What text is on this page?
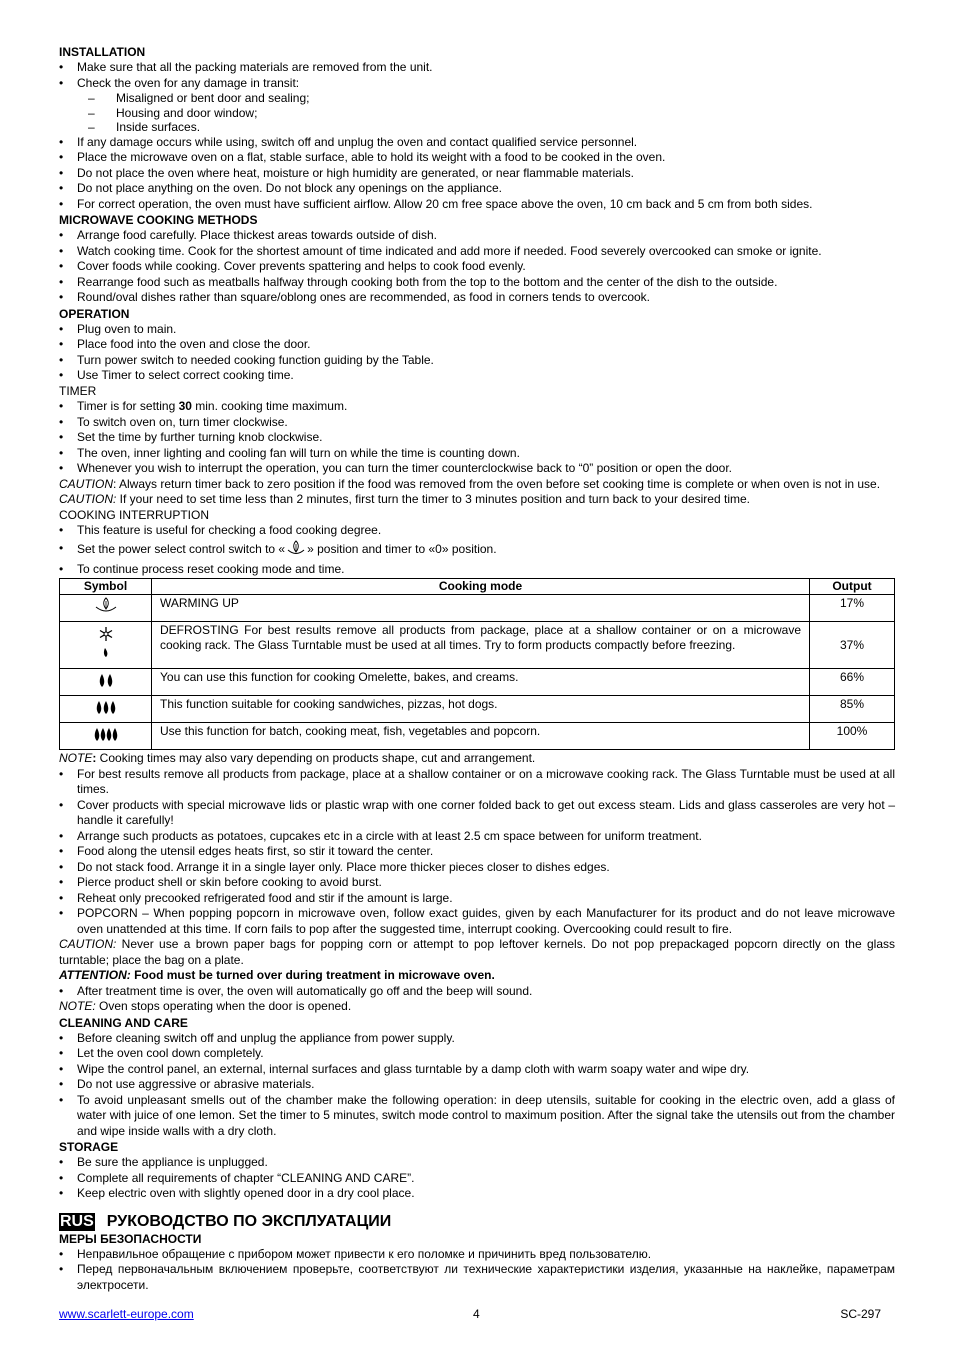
INSTALLATION
• Make sure that all the packing materials are removed from the unit.
• Check the oven for any damage in transit:
– Misaligned or bent door and sealing;
– Housing and door window;
– Inside surfaces.
• If any damage occurs while using, switch off and unplug the oven and contact qualified service personnel.
• Place the microwave oven on a flat, stable surface, able to hold its weight with a food to be cooked in the oven.
• Do not place the oven where heat, moisture or high humidity are generated, or near flammable materials.
• Do not place anything on the oven. Do not block any openings on the appliance.
• For correct operation, the oven must have sufficient airflow. Allow 20 cm free space above the oven, 10 cm back and 5 cm from both sides.
MICROWAVE COOKING METHODS
• Arrange food carefully. Place thickest areas towards outside of dish.
• Watch cooking time. Cook for the shortest amount of time indicated and add more if needed. Food severely overcooked can smoke or ignite.
• Cover foods while cooking. Cover prevents spattering and helps to cook food evenly.
• Rearrange food such as meatballs halfway through cooking both from the top to the bottom and the center of the dish to the outside.
• Round/oval dishes rather than square/oblong ones are recommended, as food in corners tends to overcook.
OPERATION
• Plug oven to main.
• Place food into the oven and close the door.
• Turn power switch to needed cooking function guiding by the Table.
• Use Timer to select correct cooking time.
TIMER
• Timer is for setting 30 min. cooking time maximum.
• To switch oven on, turn timer clockwise.
• Set the time by further turning knob clockwise.
• The oven, inner lighting and cooling fan will turn on while the time is counting down.
• Whenever you wish to interrupt the operation, you can turn the timer counterclockwise back to “0” position or open the door.
CAUTION: Always return timer back to zero position if the food was removed from the oven before set cooking time is complete or when oven is not in use.
CAUTION: If your need to set time less than 2 minutes, first turn the timer to 3 minutes position and turn back to your desired time.
COOKING INTERRUPTION
• This feature is useful for checking a food cooking degree.
• Set the power select control switch to « » position and timer to «0» position.
• To continue process reset cooking mode and time.
Symbol	Cooking mode	Output
	WARMING UP	17%
	DEFROSTING For best results remove all products from package, place at a shallow container or on a microwave cooking rack. The Glass Turntable must be used at all times. Try to form products compactly before freezing.	37%
	You can use this function for cooking Omelette, bakes, and creams.	66%
	This function suitable for cooking sandwiches, pizzas, hot dogs.	85%
	Use this function for batch, cooking meat, fish, vegetables and popcorn.	100%
NOTE: Cooking times may also vary depending on products shape, cut and arrangement.
• For best results remove all products from package, place at a shallow container or on a microwave cooking rack. The Glass Turntable must be used at all times.
• Cover products with special microwave lids or plastic wrap with one corner folded back to get out excess steam. Lids and glass casseroles are very hot – handle it carefully!
• Arrange such products as potatoes, cupcakes etc in a circle with at least 2.5 cm space between for uniform treatment.
• Food along the utensil edges heats first, so stir it toward the center.
• Do not stack food. Arrange it in a single layer only. Place more thicker pieces closer to dishes edges.
• Pierce product shell or skin before cooking to avoid burst.
• Reheat only precooked refrigerated food and stir if the amount is large.
• POPCORN – When popping popcorn in microwave oven, follow exact guides, given by each Manufacturer for its product and do not leave microwave oven unattended at this time. If corn fails to pop after the suggested time, interrupt cooking. Overcooking could result to fire.
CAUTION: Never use a brown paper bags for popping corn or attempt to pop leftover kernels. Do not pop prepackaged popcorn directly on the glass turntable; place the bag on a plate.
ATTENTION: Food must be turned over during treatment in microwave oven.
• After treatment time is over, the oven will automatically go off and the beep will sound.
NOTE: Oven stops operating when the door is opened.
CLEANING AND CARE
• Before cleaning switch off and unplug the appliance from power supply.
• Let the oven cool down completely.
• Wipe the control panel, an external, internal surfaces and glass turntable by a damp cloth with warm soapy water and wipe dry.
• Do not use aggressive or abrasive materials.
• To avoid unpleasant smells out of the chamber make the following operation: in deep utensils, suitable for cooking in the electric oven, add a glass of water with juice of one lemon. Set the timer to 5 minutes, switch mode control to maximum position. After the signal take the utensils out from the chamber and wipe inside walls with a dry cloth.
STORAGE
• Be sure the appliance is unplugged.
• Complete all requirements of chapter “CLEANING AND CARE”.
• Keep electric oven with slightly opened door in a dry cool place.
RUS РУКОВОДСТВО ПО ЭКСПЛУАТАЦИИ
МЕРЫ БЕЗОПАСНОСТИ
• Неправильное обращение с прибором может привести к его поломке и причинить вред пользователю.
• Перед первоначальным включением проверьте, соответствуют ли технические характеристики изделия, указанные на наклейке, параметрам электросети.
www.scarlett-europe.com	4	SC-297
